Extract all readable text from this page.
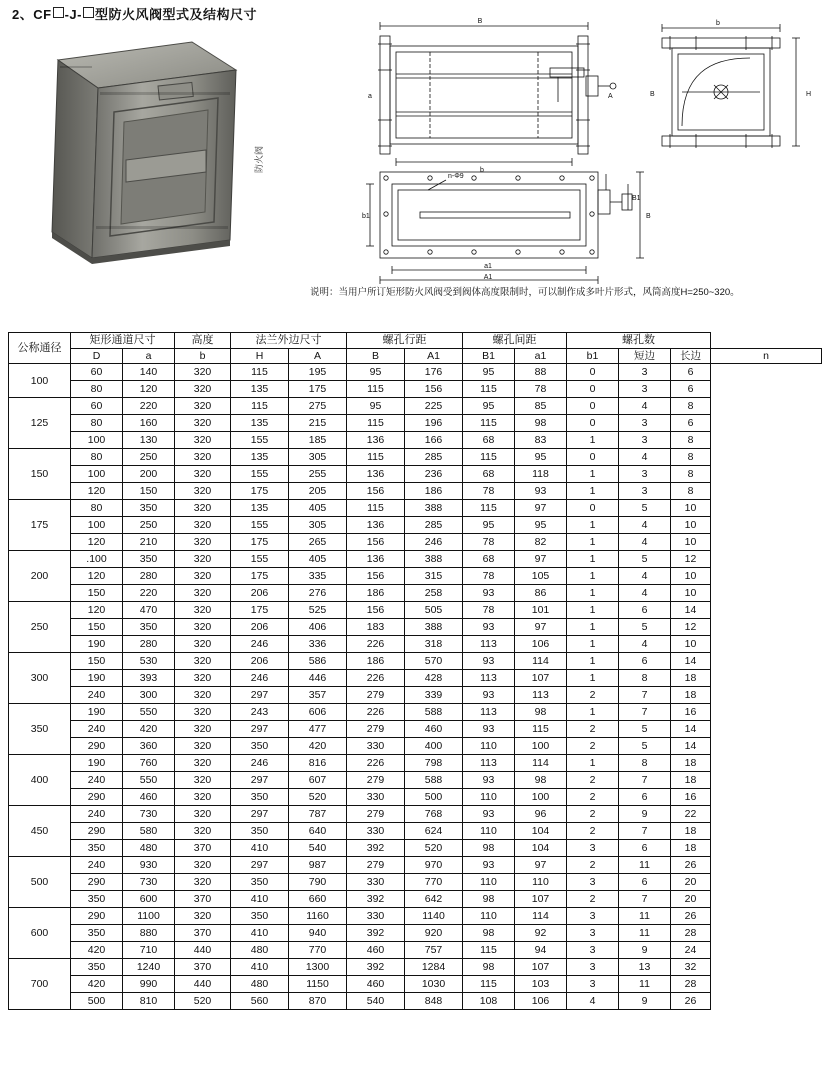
2、CF -J- 型防火风阀型式及结构尺寸
防火阀
B
b
a	A
b
H
B
n-Φ9
b1
a1
A1
B1
B
说明：当用户所订矩形防火风阀受到阀体高度限制时，可以制作成多叶片形式，风筒高度H=250~320。
公称通径	矩形通道尺寸		高度	法兰外边尺寸		螺孔行距		螺孔间距		螺孔数			
	D	a	b	H	A	B	A1	B1	a1	b1	短边	长边	n
100	60	140	320	115	195	95	176	95	88	0	3	6	
	80	120	320	135	175	115	156	115	78	0	3	6	
125	60	220	320	115	275	95	225	95	85	0	4	8	
	80	160	320	135	215	115	196	115	98	0	3	6	
	100	130	320	155	185	136	166	68	83	1	3	8	
150	80	250	320	135	305	115	285	115	95	0	4	8	
	100	200	320	155	255	136	236	68	118	1	3	8	
	120	150	320	175	205	156	186	78	93	1	3	8	
175	80	350	320	135	405	115	388	115	97	0	5	10	
	100	250	320	155	305	136	285	95	95	1	4	10	
	120	210	320	175	265	156	246	78	82	1	4	10	
200	.100	350	320	155	405	136	388	68	97	1	5	12	
	120	280	320	175	335	156	315	78	105	1	4	10	
	150	220	320	206	276	186	258	93	86	1	4	10	
250	120	470	320	175	525	156	505	78	101	1	6	14	
	150	350	320	206	406	183	388	93	97	1	5	12	
	190	280	320	246	336	226	318	113	106	1	4	10	
300	150	530	320	206	586	186	570	93	114	1	6	14	
	190	393	320	246	446	226	428	113	107	1	8	18	
	240	300	320	297	357	279	339	93	113	2	7	18	
350	190	550	320	243	606	226	588	113	98	1	7	16	
	240	420	320	297	477	279	460	93	115	2	5	14	
	290	360	320	350	420	330	400	110	100	2	5	14	
400	190	760	320	246	816	226	798	113	114	1	8	18	
	240	550	320	297	607	279	588	93	98	2	7	18	
	290	460	320	350	520	330	500	110	100	2	6	16	
450	240	730	320	297	787	279	768	93	96	2	9	22	
	290	580	320	350	640	330	624	110	104	2	7	18	
	350	480	370	410	540	392	520	98	104	3	6	18	
500	240	930	320	297	987	279	970	93	97	2	11	26	
	290	730	320	350	790	330	770	110	110	3	6	20	
	350	600	370	410	660	392	642	98	107	2	7	20	
600	290	1100	320	350	1160	330	1140	110	114	3	11	26	
	350	880	370	410	940	392	920	98	92	3	11	28	
	420	710	440	480	770	460	757	115	94	3	9	24	
700	350	1240	370	410	1300	392	1284	98	107	3	13	32	
	420	990	440	480	1150	460	1030	115	103	3	11	28	
	500	810	520	560	870	540	848	108	106	4	9	26	
